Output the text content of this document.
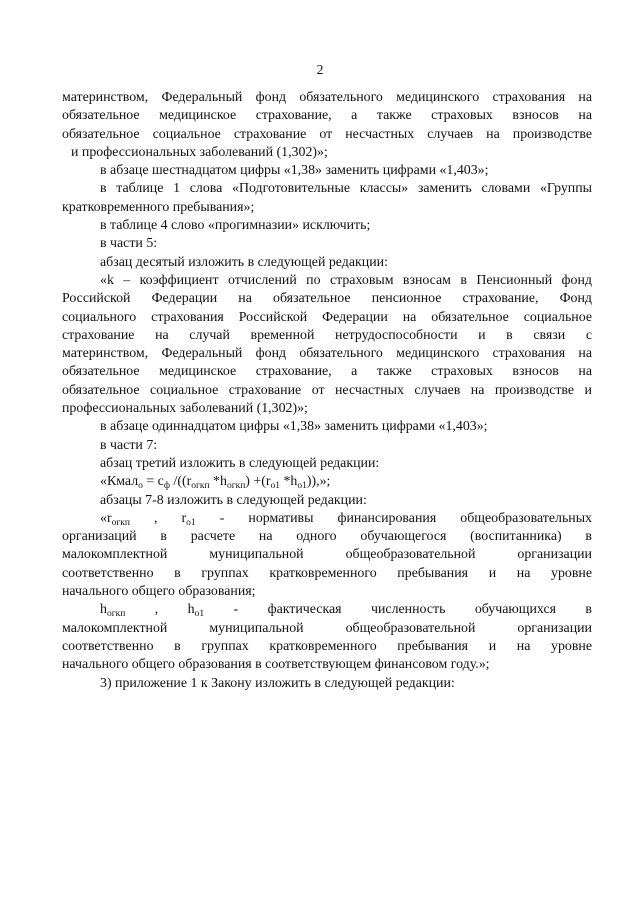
2
материнством, Федеральный фонд обязательного медицинского страхования на
обязательное медицинское страхование, а также страховых взносов на
обязательное социальное страхование от несчастных случаев на производстве
и профессиональных заболеваний (1,302)»;
в абзаце шестнадцатом цифры «1,38» заменить цифрами «1,403»;
в таблице 1 слова «Подготовительные классы» заменить словами «Группы
кратковременного пребывания»;
в таблице 4 слово «прогимназии» исключить;
в части 5:
абзац десятый изложить в следующей редакции:
«k – коэффициент отчислений по страховым взносам в Пенсионный фонд
Российской Федерации на обязательное пенсионное страхование, Фонд
социального страхования Российской Федерации на обязательное социальное
страхование на случай временной нетрудоспособности и в связи с
материнством, Федеральный фонд обязательного медицинского страхования на
обязательное медицинское страхование, а также страховых взносов на
обязательное социальное страхование от несчастных случаев на производстве и
профессиональных заболеваний (1,302)»;
в абзаце одиннадцатом цифры «1,38» заменить цифрами «1,403»;
в части 7:
абзац третий изложить в следующей редакции:
«Кмал$_о$ = $c_ф$ $/((r_{огкп}$ $*h_{огкп}) +(r_{о1}$ $*h_{о1}$)),»;
абзацы 7-8 изложить в следующей редакции:
«$r_{огкп}$ , $r_{о1}$ - нормативы финансирования общеобразовательных
организаций в расчете на одного обучающегося (воспитанника) в
малокомплектной муниципальной общеобразовательной организации
соответственно в группах кратковременного пребывания и на уровне
начального общего образования;
$h_{огкп}$ , $h_{о1}$ - фактическая численность обучающихся в
малокомплектной муниципальной общеобразовательной организации
соответственно в группах кратковременного пребывания и на уровне
начального общего образования в соответствующем финансовом году.»;
3) приложение 1 к Закону изложить в следующей редакции:
